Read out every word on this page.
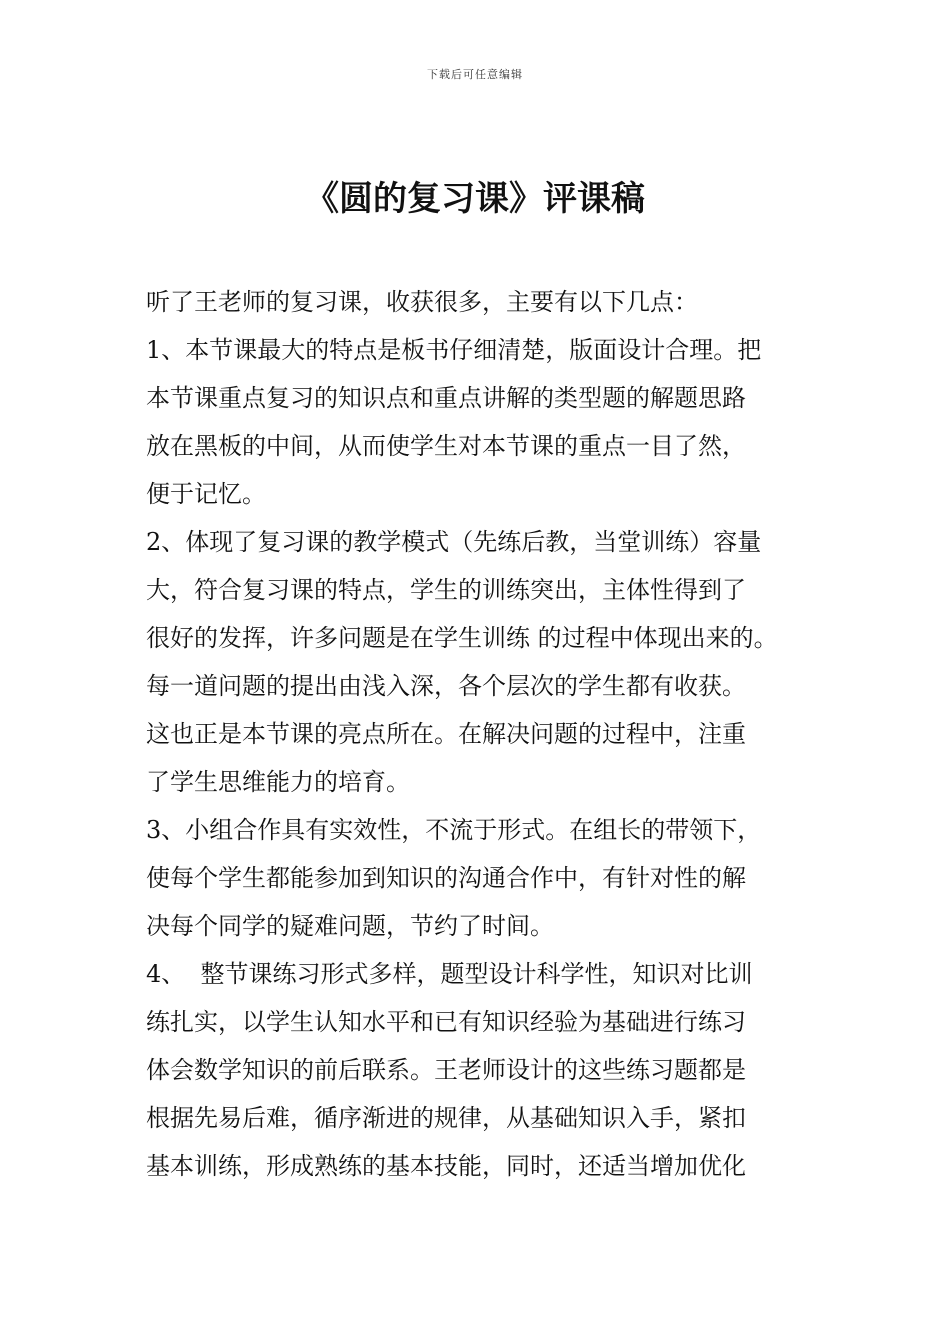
下载后可任意编辑
《圆的复习课》评课稿
听了王老师的复习课，收获很多，主要有以下几点：
1、本节课最大的特点是板书仔细清楚，版面设计合理。把
本节课重点复习的知识点和重点讲解的类型题的解题思路
放在黑板的中间，从而使学生对本节课的重点一目了然，
便于记忆。
2、体现了复习课的教学模式（先练后教，当堂训练）容量
大，符合复习课的特点，学生的训练突出，主体性得到了
很好的发挥，许多问题是在学生训练 的过程中体现出来的。
每一道问题的提出由浅入深，各个层次的学生都有收获。
这也正是本节课的亮点所在。在解决问题的过程中，注重
了学生思维能力的培育。
3、小组合作具有实效性，不流于形式。在组长的带领下，
使每个学生都能参加到知识的沟通合作中，有针对性的解
决每个同学的疑难问题，节约了时间。
4、  整节课练习形式多样，题型设计科学性，知识对比训
练扎实，以学生认知水平和已有知识经验为基础进行练习
体会数学知识的前后联系。王老师设计的这些练习题都是
根据先易后难，循序渐进的规律，从基础知识入手，紧扣
基本训练，形成熟练的基本技能，同时，还适当增加优化
